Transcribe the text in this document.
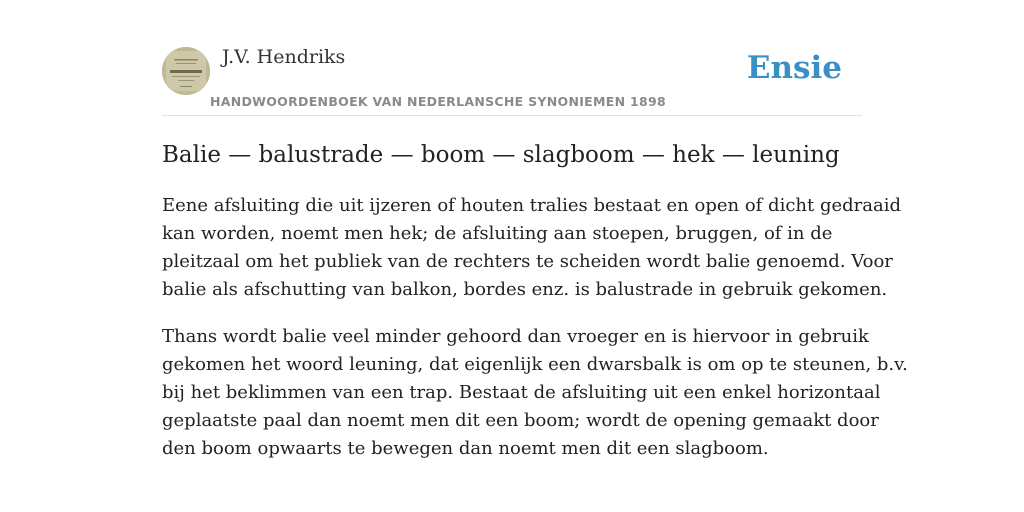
J.V. Hendriks
HANDWOORDENBOEK VAN NEDERLANSCHE SYNONIEMEN 1898
Ensie
Balie — balustrade — boom — slagboom — hek — leuning

Eene afsluiting die uit ijzeren of houten tralies bestaat en open of dicht gedraaid
kan worden, noemt men hek; de afsluiting aan stoepen, bruggen, of in de
pleitzaal om het publiek van de rechters te scheiden wordt balie genoemd. Voor
balie als afschutting van balkon, bordes enz. is balustrade in gebruik gekomen.

Thans wordt balie veel minder gehoord dan vroeger en is hiervoor in gebruik
gekomen het woord leuning, dat eigenlijk een dwarsbalk is om op te steunen, b.v.
bij het beklimmen van een trap. Bestaat de afsluiting uit een enkel horizontaal
geplaatste paal dan noemt men dit een boom; wordt de opening gemaakt door
den boom opwaarts te bewegen dan noemt men dit een slagboom.
